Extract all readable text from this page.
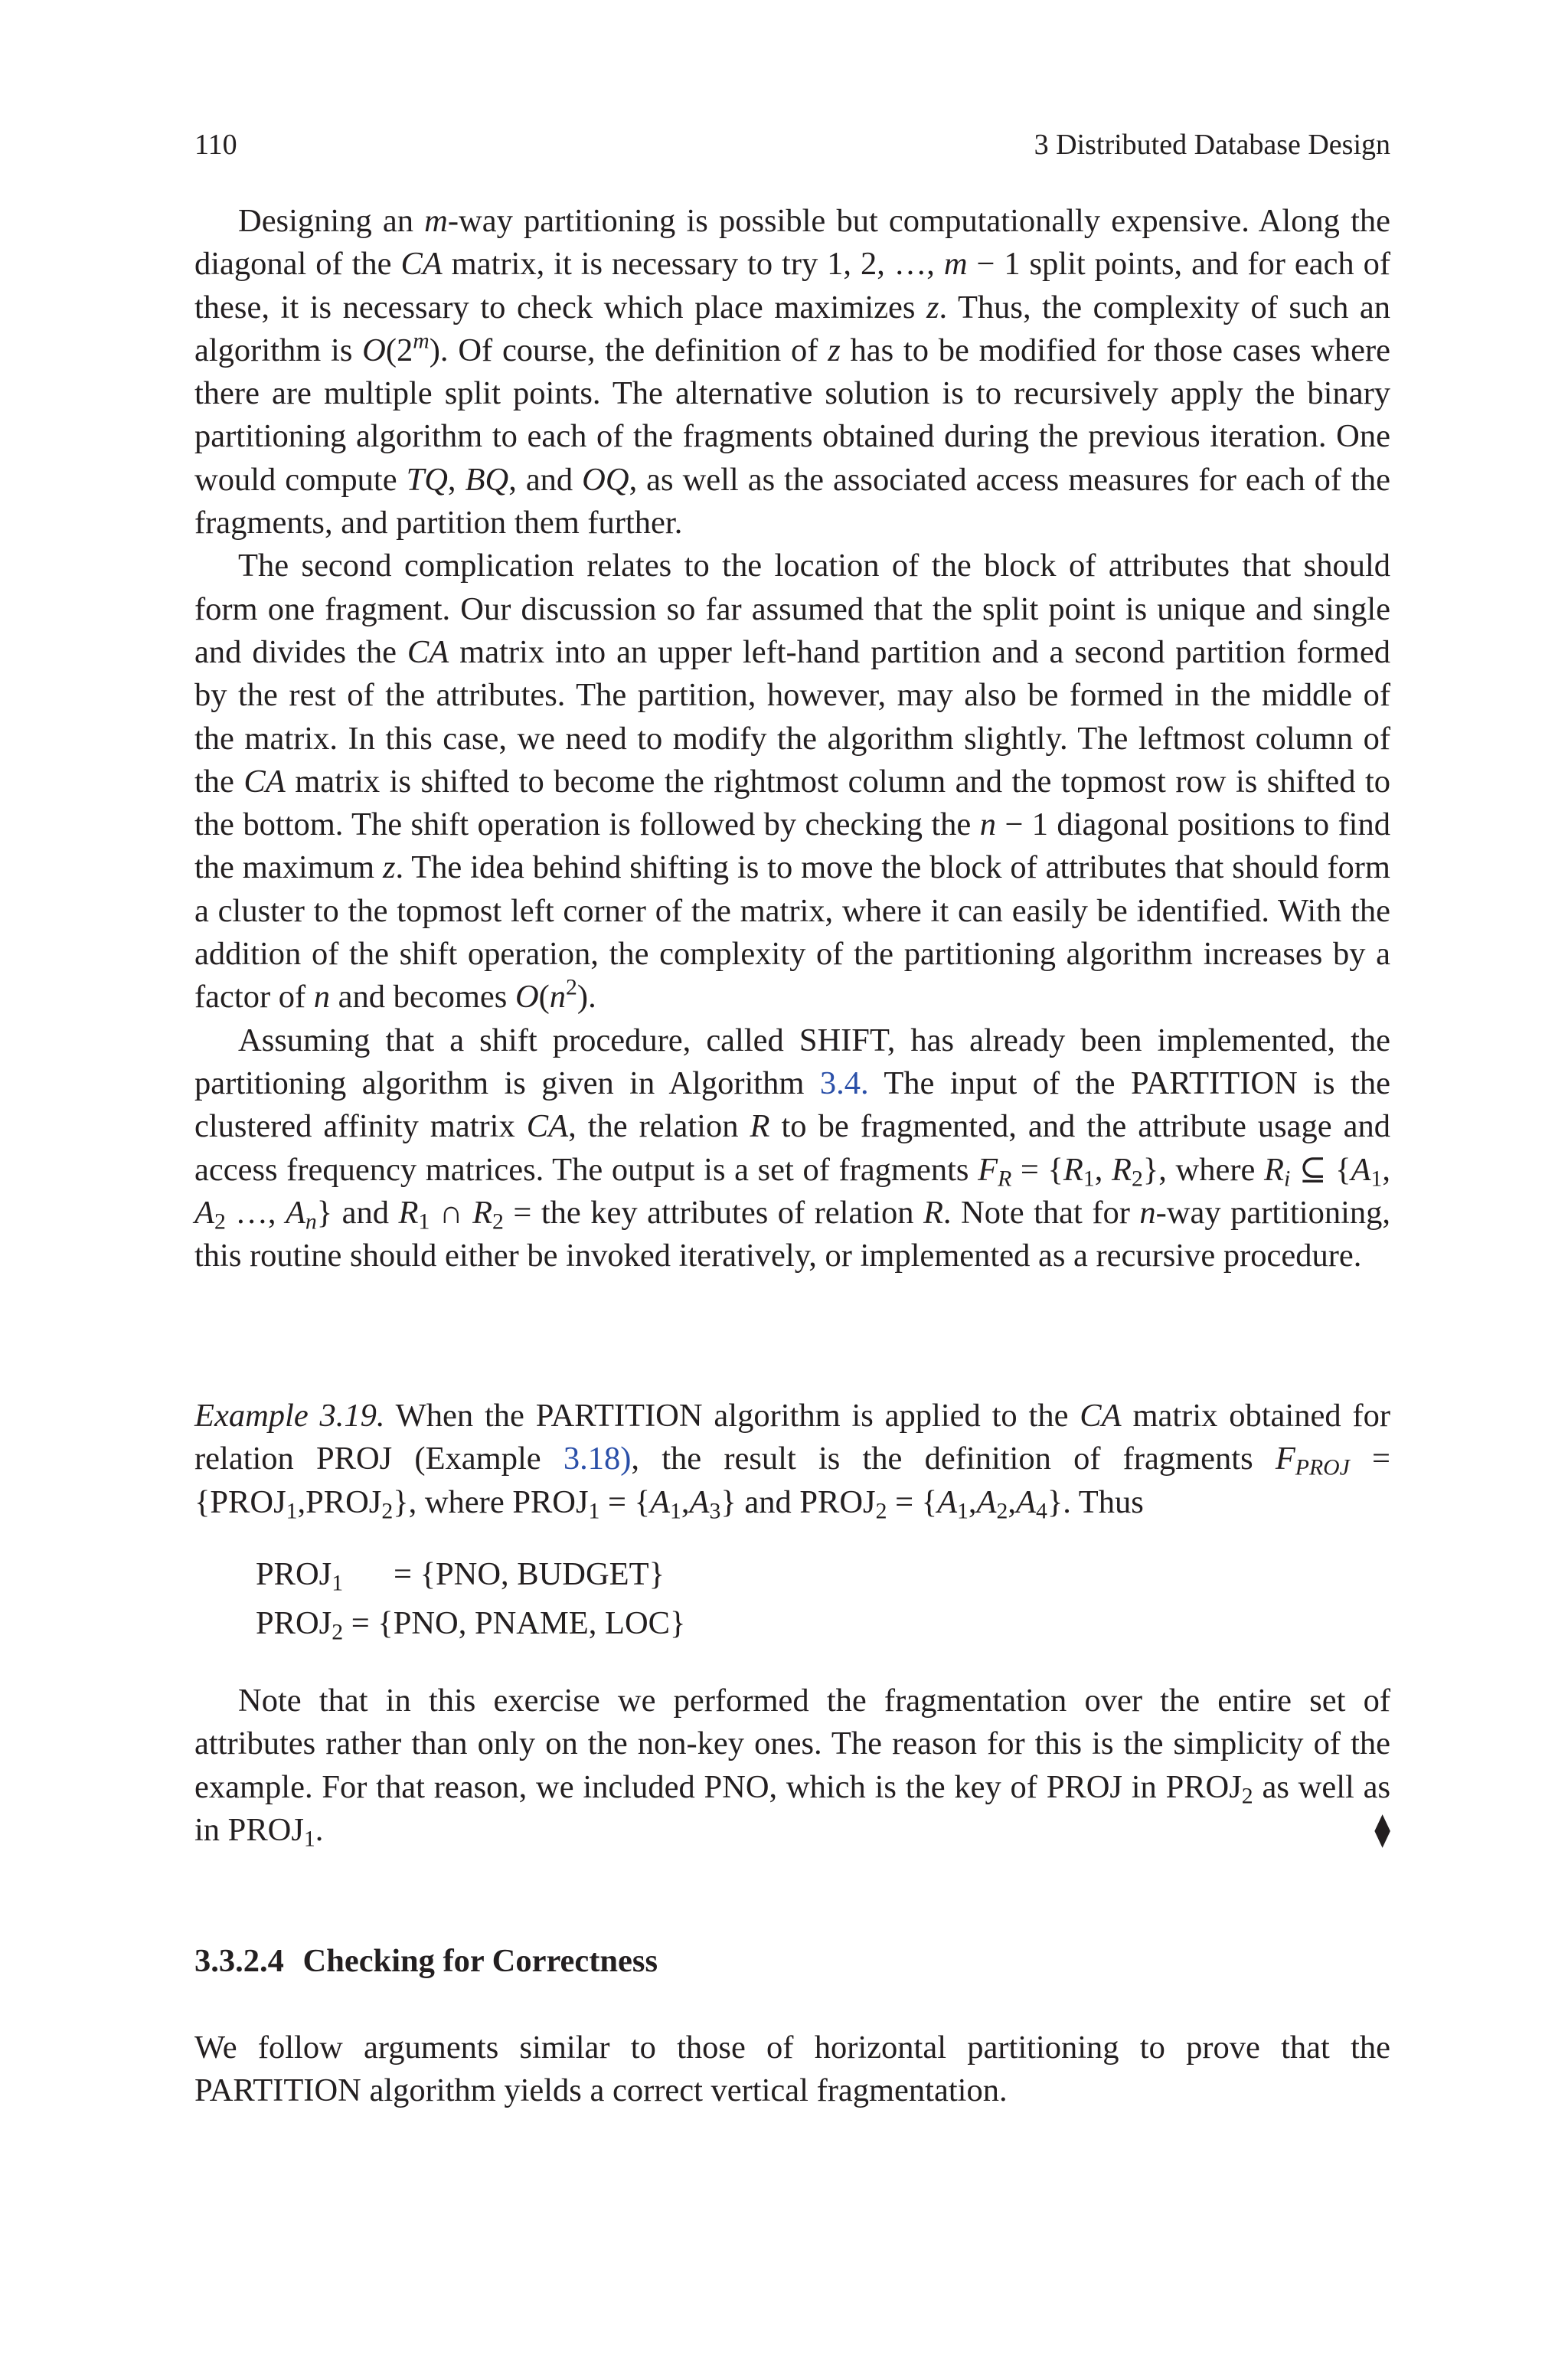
110	3 Distributed Database Design

Designing an m-way partitioning is possible but computationally expensive. Along the diagonal of the CA matrix, it is necessary to try 1, 2, …, m − 1 split points, and for each of these, it is necessary to check which place maximizes z. Thus, the complexity of such an algorithm is O(2$^m$). Of course, the definition of z has to be modified for those cases where there are multiple split points. The alternative solution is to recursively apply the binary partitioning algorithm to each of the fragments obtained during the previous iteration. One would compute TQ, BQ, and OQ, as well as the associated access measures for each of the fragments, and partition them further.

The second complication relates to the location of the block of attributes that should form one fragment. Our discussion so far assumed that the split point is unique and single and divides the CA matrix into an upper left-hand partition and a second partition formed by the rest of the attributes. The partition, however, may also be formed in the middle of the matrix. In this case, we need to modify the algorithm slightly. The leftmost column of the CA matrix is shifted to become the rightmost column and the topmost row is shifted to the bottom. The shift operation is followed by checking the n − 1 diagonal positions to find the maximum z. The idea behind shifting is to move the block of attributes that should form a cluster to the topmost left corner of the matrix, where it can easily be identified. With the addition of the shift operation, the complexity of the partitioning algorithm increases by a factor of n and becomes $O(n^2)$.

Assuming that a shift procedure, called SHIFT, has already been implemented, the partitioning algorithm is given in Algorithm 3.4. The input of the PARTITION is the clustered affinity matrix CA, the relation R to be fragmented, and the attribute usage and access frequency matrices. The output is a set of fragments $F_R = \{R_1$, $R_2$}, where $R_i$ ⊆ {$A_1$, $A_2$ …, $A_n$} and $R_1$ ∩ $R_2$ = the key attributes of relation R. Note that for n-way partitioning, this routine should either be invoked iteratively, or implemented as a recursive procedure.

Example 3.19. When the PARTITION algorithm is applied to the CA matrix obtained for relation PROJ (Example 3.18), the result is the definition of fragments $F_{PROJ}$ = $\{PROJ_1,PROJ_2\}$, where $PROJ_1 = \{A_1,A_3\}$ and $PROJ_2 = \{A_1,A_2,A_4\}$. Thus

$PROJ_1 = \{PNO$, BUDGET}
$PROJ_2 = \{PNO$, PNAME, LOC}

Note that in this exercise we performed the fragmentation over the entire set of attributes rather than only on the non-key ones. The reason for this is the simplicity of the example. For that reason, we included PNO, which is the key of PROJ in $PROJ_2$ as well as in $PROJ_1$.	⧫
3.3.2.4 Checking for Correctness

We follow arguments similar to those of horizontal partitioning to prove that the PARTITION algorithm yields a correct vertical fragmentation.
